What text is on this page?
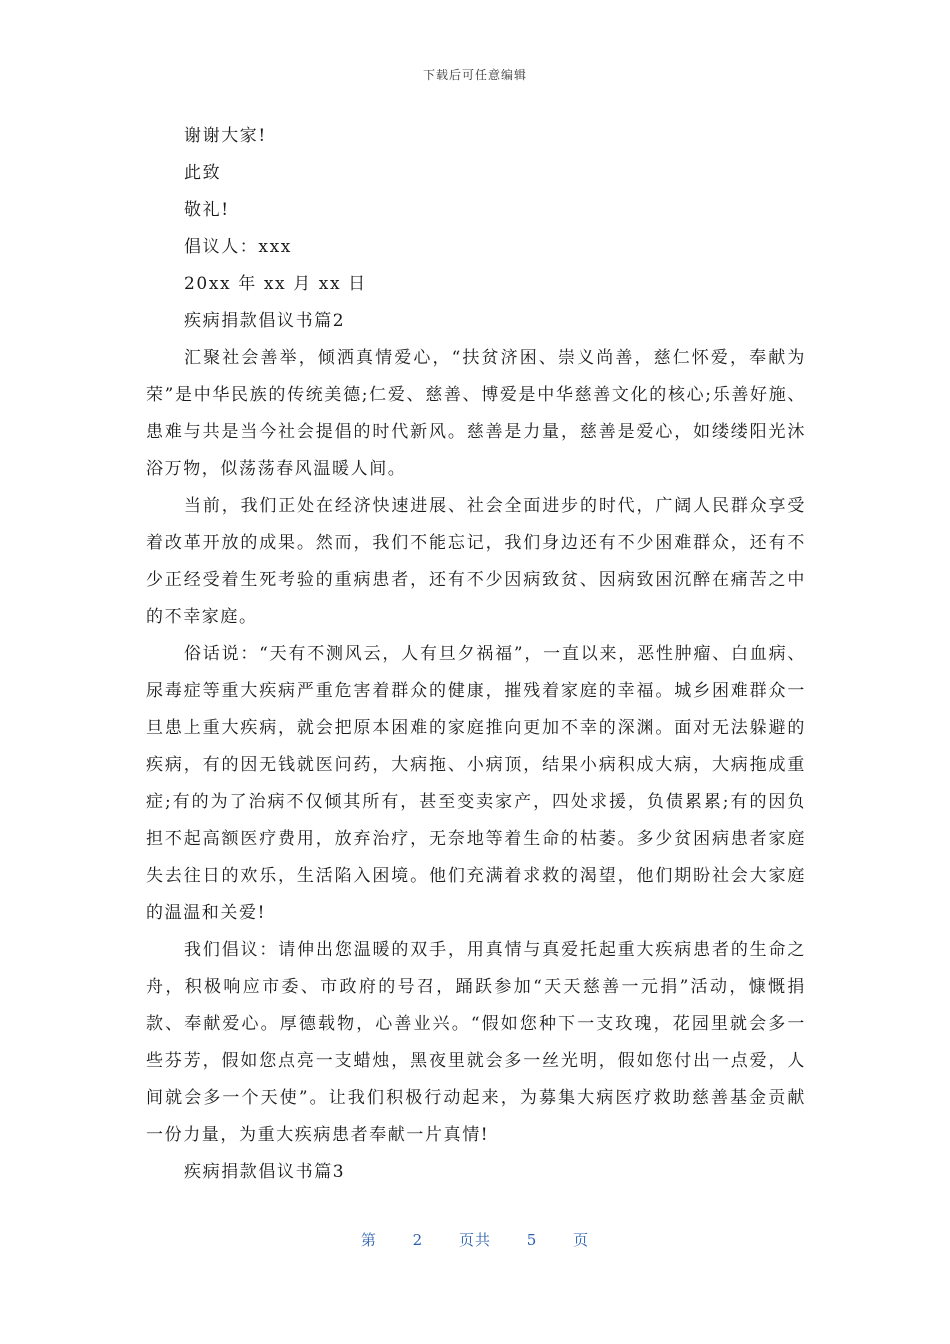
下载后可任意编辑

谢谢大家!

此致

敬礼!

倡议人：xxx

20xx 年 xx 月 xx 日

疾病捐款倡议书篇2

汇聚社会善举，倾洒真情爱心，“扶贫济困、崇义尚善，慈仁怀爱，奉献为荣”是中华民族的传统美德;仁爱、慈善、博爱是中华慈善文化的核心;乐善好施、患难与共是当今社会提倡的时代新风。慈善是力量，慈善是爱心，如缕缕阳光沐浴万物，似荡荡春风温暖人间。

当前，我们正处在经济快速进展、社会全面进步的时代，广阔人民群众享受着改革开放的成果。然而，我们不能忘记，我们身边还有不少困难群众，还有不少正经受着生死考验的重病患者，还有不少因病致贫、因病致困沉醉在痛苦之中的不幸家庭。

俗话说：“天有不测风云，人有旦夕祸福”，一直以来，恶性肿瘤、白血病、尿毒症等重大疾病严重危害着群众的健康，摧残着家庭的幸福。城乡困难群众一旦患上重大疾病，就会把原本困难的家庭推向更加不幸的深渊。面对无法躲避的疾病，有的因无钱就医问药，大病拖、小病顶，结果小病积成大病，大病拖成重症;有的为了治病不仅倾其所有，甚至变卖家产，四处求援，负债累累;有的因负担不起高额医疗费用，放弃治疗，无奈地等着生命的枯萎。多少贫困病患者家庭失去往日的欢乐，生活陷入困境。他们充满着求救的渴望，他们期盼社会大家庭的温温和关爱!

我们倡议：请伸出您温暖的双手，用真情与真爱托起重大疾病患者的生命之舟，积极响应市委、市政府的号召，踊跃参加“天天慈善一元捐”活动，慷慨捐款、奉献爱心。厚德载物，心善业兴。“假如您种下一支玫瑰，花园里就会多一些芬芳，假如您点亮一支蜡烛，黑夜里就会多一丝光明，假如您付出一点爱，人间就会多一个天使”。让我们积极行动起来，为募集大病医疗救助慈善基金贡献一份力量，为重大疾病患者奉献一片真情!

疾病捐款倡议书篇3

第 2 页共 5 页
